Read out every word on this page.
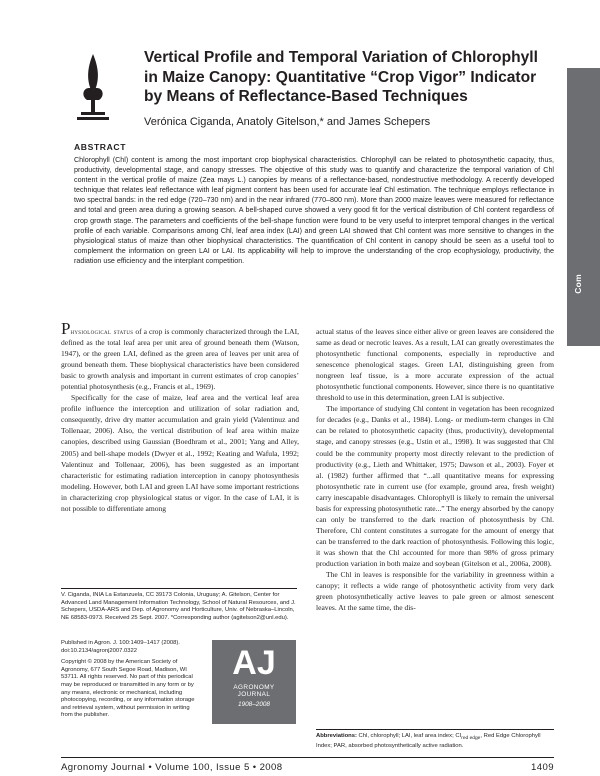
Vertical Profile and Temporal Variation of Chlorophyll in Maize Canopy: Quantitative “Crop Vigor” Indicator by Means of Reflectance-Based Techniques
Verónica Ciganda, Anatoly Gitelson,* and James Schepers
Com
ABSTRACT

Chlorophyll (Chl) content is among the most important crop biophysical characteristics. Chlorophyll can be related to photosynthetic capacity, thus, productivity, developmental stage, and canopy stresses. The objective of this study was to quantify and characterize the temporal variation of Chl content in the vertical profile of maize (Zea mays L.) canopies by means of a reflectance-based, nondestructive methodology. A recently developed technique that relates leaf reflectance with leaf pigment content has been used for accurate leaf Chl estimation. The technique employs reflectance in two spectral bands: in the red edge (720–730 nm) and in the near infrared (770–800 nm). More than 2000 maize leaves were measured for reflectance and total and green area during a growing season. A bell-shaped curve showed a very good fit for the vertical distribution of Chl content regardless of crop growth stage. The parameters and coefficients of the bell-shape function were found to be very useful to interpret temporal changes in the vertical profile of each variable. Comparisons among Chl, leaf area index (LAI) and green LAI showed that Chl content was more sensitive to changes in the physiological status of maize than other biophysical characteristics. The quantification of Chl content in canopy should be seen as a useful tool to complement the information on green LAI or LAI. Its applicability will help to improve the understanding of the crop ecophysiology, productivity, the radiation use efficiency and the interplant competition.

Physiological status of a crop is commonly characterized through the LAI, defined as the total leaf area per unit area of ground beneath them (Watson, 1947), or the green LAI, defined as the green area of leaves per unit area of ground beneath them. These biophysical characteristics have been considered basic to growth analysis and important in current estimates of crop canopies’ potential photosynthesis (e.g., Francis et al., 1969).

Specifically for the case of maize, leaf area and the vertical leaf area profile influence the interception and utilization of solar radiation and, consequently, drive dry matter accumulation and grain yield (Valentinuz and Tollenaar, 2006). Also, the vertical distribution of leaf area within maize canopies, described using Gaussian (Boedhram et al., 2001; Yang and Alley, 2005) and bell-shape models (Dwyer et al., 1992; Keating and Wafula, 1992; Valentinuz and Tollenaar, 2006), has been suggested as an important characteristic for estimating radiation interception in canopy photosynthesis modeling. However, both LAI and green LAI have some important restrictions in characterizing crop physiological status or vigor. In the case of LAI, it is not possible to differentiate among

actual status of the leaves since either alive or green leaves are considered the same as dead or necrotic leaves. As a result, LAI can greatly overestimates the photosynthetic functional components, especially in reproductive and senescence phenological stages. Green LAI, distinguishing green from nongreen leaf tissue, is a more accurate expression of the actual photosynthetic functional components. However, since there is no quantitative threshold to use in this determination, green LAI is subjective.

The importance of studying Chl content in vegetation has been recognized for decades (e.g., Danks et al., 1984). Long- or medium-term changes in Chl can be related to photosynthetic capacity (thus, productivity), developmental stage, and canopy stresses (e.g., Ustin et al., 1998). It was suggested that Chl could be the community property most directly relevant to the prediction of productivity (e.g., Lieth and Whittaker, 1975; Dawson et al., 2003). Foyer et al. (1982) further affirmed that “...all quantitative means for expressing photosynthetic rate in current use (for example, ground area, fresh weight) carry inescapable disadvantages. Chlorophyll is likely to remain the universal basis for expressing photosynthetic rate...” The energy absorbed by the canopy can only be transferred to the dark reaction of photosynthesis by Chl. Therefore, Chl content constitutes a surrogate for the amount of energy that can be transferred to the dark reaction of photosynthesis. Following this logic, it was shown that the Chl accounted for more than 98% of gross primary production variation in both maize and soybean (Gitelson et al., 2006a, 2008).

The Chl in leaves is responsible for the variability in greenness within a canopy; it reflects a wide range of photosynthetic activity from very dark green photosynthetically active leaves to pale green or almost senescent leaves. At the same time, the dis-

V. Ciganda, INIA La Estanzuela, CC 39173 Colonia, Uruguay; A. Gitelson, Center for Advanced Land Management Information Technology, School of Natural Resources, and J. Schepers, USDA-ARS and Dep. of Agronomy and Horticulture, Univ. of Nebraska–Lincoln, NE 68583-0973. Received 25 Sept. 2007. *Corresponding author (agitelson2@unl.edu).
Published in Agron. J. 100:1409–1417 (2008).
doi:10.2134/agronj2007.0322
Copyright © 2008 by the American Society of Agronomy, 677 South Segoe Road, Madison, WI 53711. All rights reserved. No part of this periodical may be reproduced or transmitted in any form or by any means, electronic or mechanical, including photocopying, recording, or any information storage and retrieval system, without permission in writing from the publisher.
AJ
AGRONOMY
JOURNAL
1908–2008
Abbreviations: Chl, chlorophyll; LAI, leaf area index; $CI_{red edge}$, Red Edge Chlorophyll Index; PAR, absorbed photosynthetically active radiation.
Agronomy Journal • Volume 100, Issue 5 • 2008	1409
